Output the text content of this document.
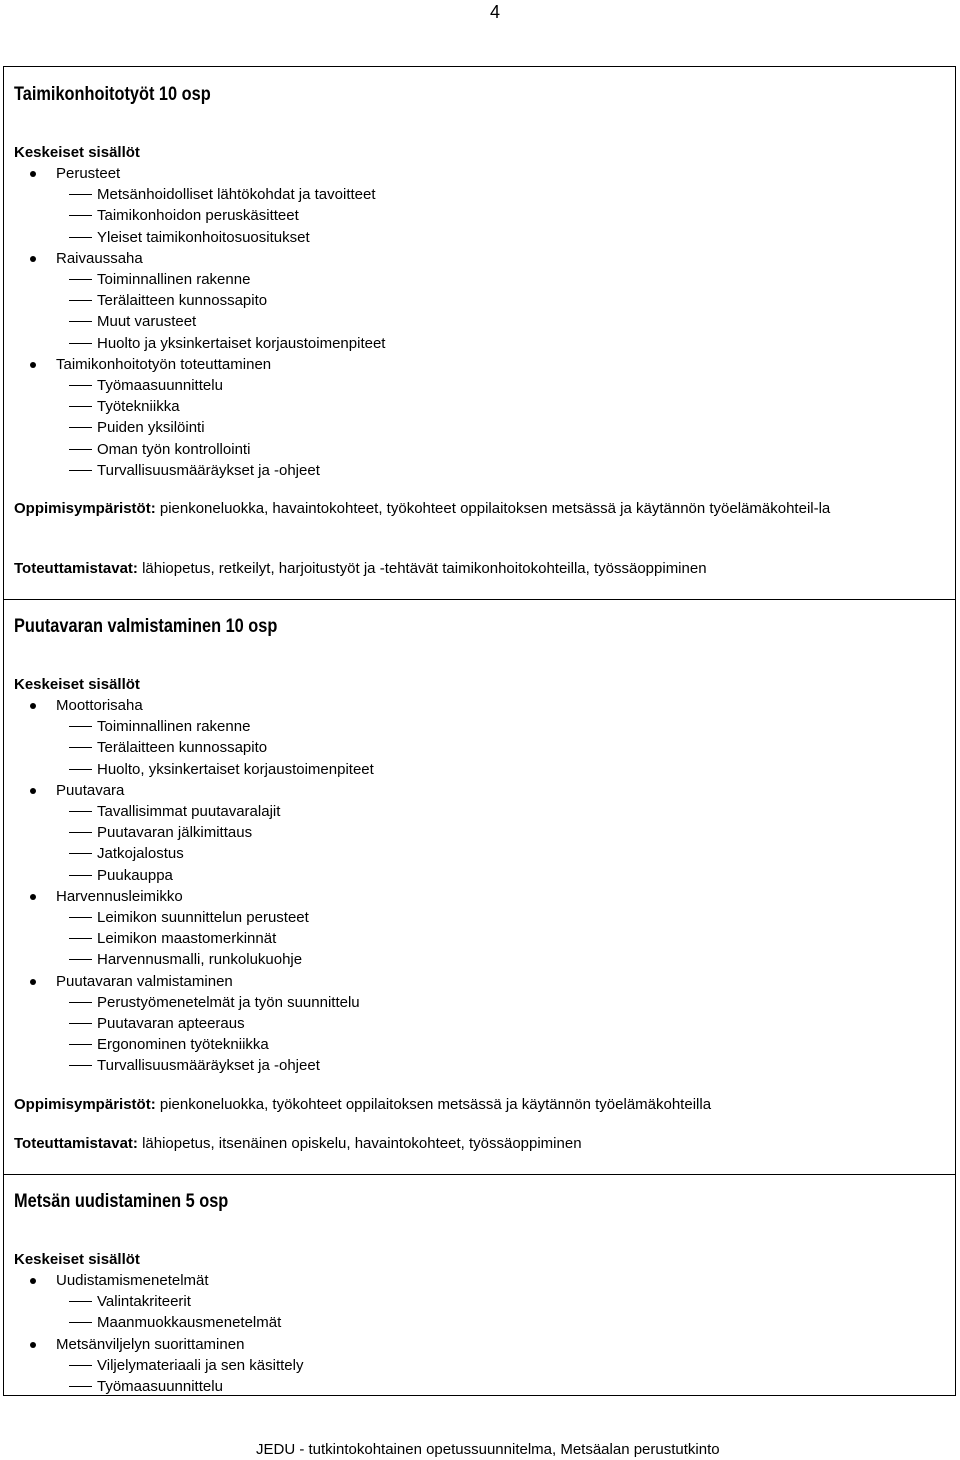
4
Taimikonhoitotyöt 10 osp
Keskeiset sisällöt
Perusteet
Metsänhoidolliset lähtökohdat ja tavoitteet
Taimikonhoidon peruskäsitteet
Yleiset taimikonhoitosuositukset
Raivaussaha
Toiminnallinen rakenne
Terälaitteen kunnossapito
Muut varusteet
Huolto ja yksinkertaiset korjaustoimenpiteet
Taimikonhoitotyön toteuttaminen
Työmaasuunnittelu
Työtekniikka
Puiden yksilöinti
Oman työn kontrollointi
Turvallisuusmääräykset ja -ohjeet
Oppimisympäristöt: pienkoneluokka, havaintokohteet, työkohteet oppilaitoksen metsässä ja käytännön työelämäkohteil-la
Toteuttamistavat: lähiopetus, retkeilyt, harjoitustyöt ja -tehtävät taimikonhoitokohteilla, työssäoppiminen
Puutavaran valmistaminen 10 osp
Keskeiset sisällöt
Moottorisaha
Toiminnallinen rakenne
Terälaitteen kunnossapito
Huolto, yksinkertaiset korjaustoimenpiteet
Puutavara
Tavallisimmat puutavaralajit
Puutavaran jälkimittaus
Jatkojalostus
Puukauppa
Harvennusleimikko
Leimikon suunnittelun perusteet
Leimikon maastomerkinnät
Harvennusmalli, runkolukuohje
Puutavaran valmistaminen
Perustyömenetelmät ja työn suunnittelu
Puutavaran apteeraus
Ergonominen työtekniikka
Turvallisuusmääräykset ja -ohjeet
Oppimisympäristöt: pienkoneluokka, työkohteet oppilaitoksen metsässä ja käytännön työelämäkohteilla
Toteuttamistavat: lähiopetus, itsenäinen opiskelu, havaintokohteet, työssäoppiminen
Metsän uudistaminen 5 osp
Keskeiset sisällöt
Uudistamismenetelmät
Valintakriteerit
Maanmuokkausmenetelmät
Metsänviljelyn suorittaminen
Viljelymateriaali ja sen käsittely
Työmaasuunnittelu
JEDU - tutkintokohtainen opetussuunnitelma, Metsäalan perustutkinto
